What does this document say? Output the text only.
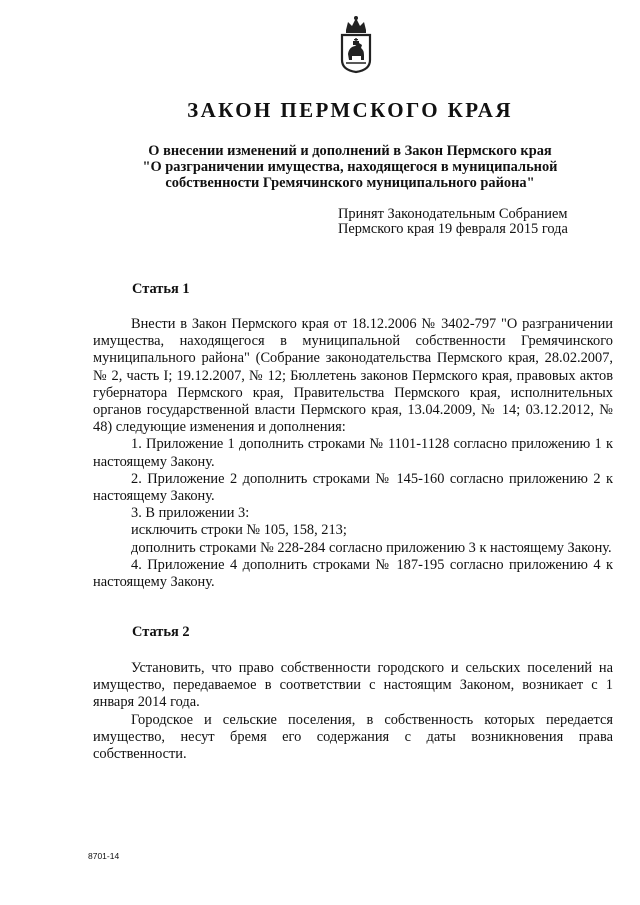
ЗАКОН ПЕРМСКОГО КРАЯ
О внесении изменений и дополнений в Закон Пермского края
"О разграничении имущества, находящегося в муниципальной
собственности Гремячинского муниципального района"
Принят Законодательным Собранием
Пермского края 19 февраля 2015 года
Статья 1

Внести в Закон Пермского края от 18.12.2006 № 3402-797 "О разграничении имущества, находящегося в муниципальной собственности Гремячинского муниципального района" (Собрание законодательства Пермского края, 28.02.2007, № 2, часть I; 19.12.2007, № 12; Бюллетень законов Пермского края, правовых актов губернатора Пермского края, Правительства Пермского края, исполнительных органов государственной власти Пермского края, 13.04.2009, № 14; 03.12.2012, № 48) следующие изменения и дополнения:

1. Приложение 1 дополнить строками № 1101-1128 согласно приложению 1 к настоящему Закону.

2. Приложение 2 дополнить строками № 145-160 согласно приложению 2 к настоящему Закону.

3. В приложении 3:

исключить строки № 105, 158, 213;

дополнить строками № 228-284 согласно приложению 3 к настоящему Закону.

4. Приложение 4 дополнить строками № 187-195 согласно приложению 4 к настоящему Закону.

Статья 2

Установить, что право собственности городского и сельских поселений на имущество, передаваемое в соответствии с настоящим Законом, возникает с 1 января 2014 года.

Городское и сельские поселения, в собственность которых передается имущество, несут бремя его содержания с даты возникновения права собственности.

8701-14
